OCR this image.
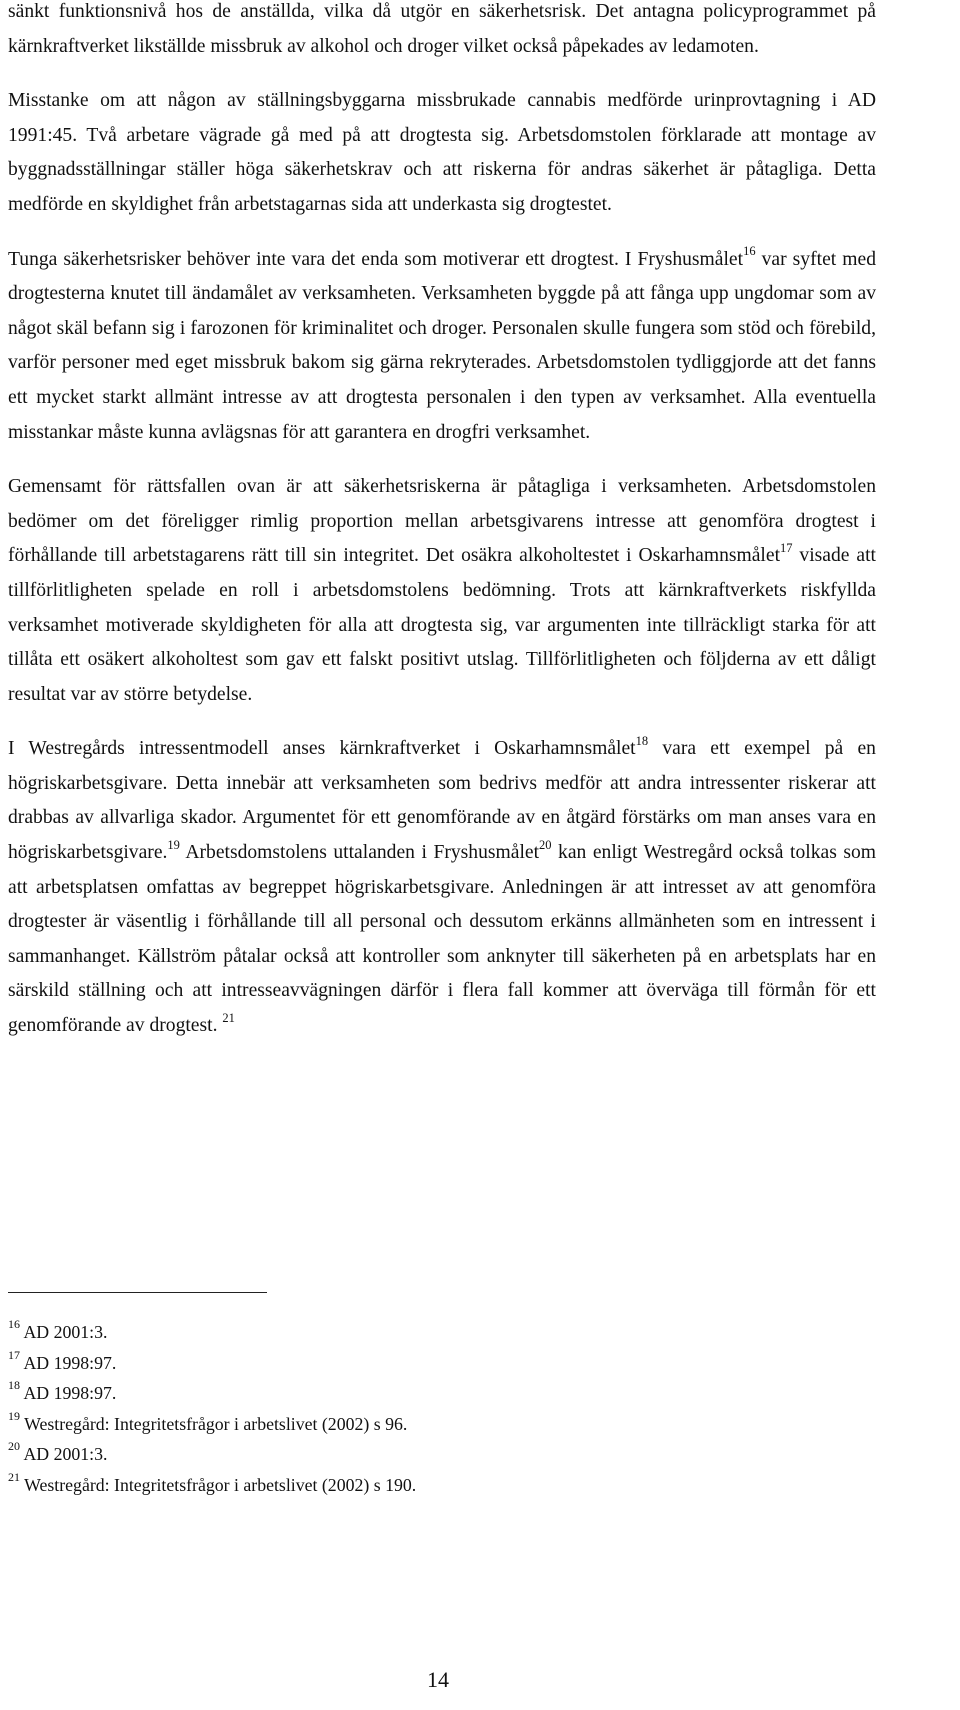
sänkt funktionsnivå hos de anställda, vilka då utgör en säkerhetsrisk. Det antagna policyprogrammet på kärnkraftverket likställde missbruk av alkohol och droger vilket också påpekades av ledamoten.

Misstanke om att någon av ställningsbyggarna missbrukade cannabis medförde urinprovtagning i AD 1991:45. Två arbetare vägrade gå med på att drogtesta sig. Arbetsdomstolen förklarade att montage av byggnadsställningar ställer höga säkerhetskrav och att riskerna för andras säkerhet är påtagliga. Detta medförde en skyldighet från arbetstagarnas sida att underkasta sig drogtestet.

Tunga säkerhetsrisker behöver inte vara det enda som motiverar ett drogtest. I Fryshusmålet$^{16}$ var syftet med drogtesterna knutet till ändamålet av verksamheten. Verksamheten byggde på att fånga upp ungdomar som av något skäl befann sig i farozonen för kriminalitet och droger. Personalen skulle fungera som stöd och förebild, varför personer med eget missbruk bakom sig gärna rekryterades. Arbetsdomstolen tydliggjorde att det fanns ett mycket starkt allmänt intresse av att drogtesta personalen i den typen av verksamhet. Alla eventuella misstankar måste kunna avlägsnas för att garantera en drogfri verksamhet.

Gemensamt för rättsfallen ovan är att säkerhetsriskerna är påtagliga i verksamheten. Arbetsdomstolen bedömer om det föreligger rimlig proportion mellan arbetsgivarens intresse att genomföra drogtest i förhållande till arbetstagarens rätt till sin integritet. Det osäkra alkoholtestet i Oskarhamnsmålet$^{17}$ visade att tillförlitligheten spelade en roll i arbetsdomstolens bedömning. Trots att kärnkraftverkets riskfyllda verksamhet motiverade skyldigheten för alla att drogtesta sig, var argumenten inte tillräckligt starka för att tillåta ett osäkert alkoholtest som gav ett falskt positivt utslag. Tillförlitligheten och följderna av ett dåligt resultat var av större betydelse.

I Westregårds intressentmodell anses kärnkraftverket i Oskarhamnsmålet$^{18}$ vara ett exempel på en högriskarbetsgivare. Detta innebär att verksamheten som bedrivs medför att andra intressenter riskerar att drabbas av allvarliga skador. Argumentet för ett genomförande av en åtgärd förstärks om man anses vara en högriskarbetsgivare.$^{19}$ Arbetsdomstolens uttalanden i Fryshusmålet$^{20}$ kan enligt Westregård också tolkas som att arbetsplatsen omfattas av begreppet högriskarbetsgivare. Anledningen är att intresset av att genomföra drogtester är väsentlig i förhållande till all personal och dessutom erkänns allmänheten som en intressent i sammanhanget. Källström påtalar också att kontroller som anknyter till säkerheten på en arbetsplats har en särskild ställning och att intresseavvägningen därför i flera fall kommer att överväga till förmån för ett genomförande av drogtest. $^{21}$

$^{16}$ AD 2001:3.

$^{17}$ AD 1998:97.

$^{18}$ AD 1998:97.

$^{19}$ Westregård: Integritetsfrågor i arbetslivet (2002) s 96.

$^{20}$ AD 2001:3.

$^{21}$ Westregård: Integritetsfrågor i arbetslivet (2002) s 190.

14
